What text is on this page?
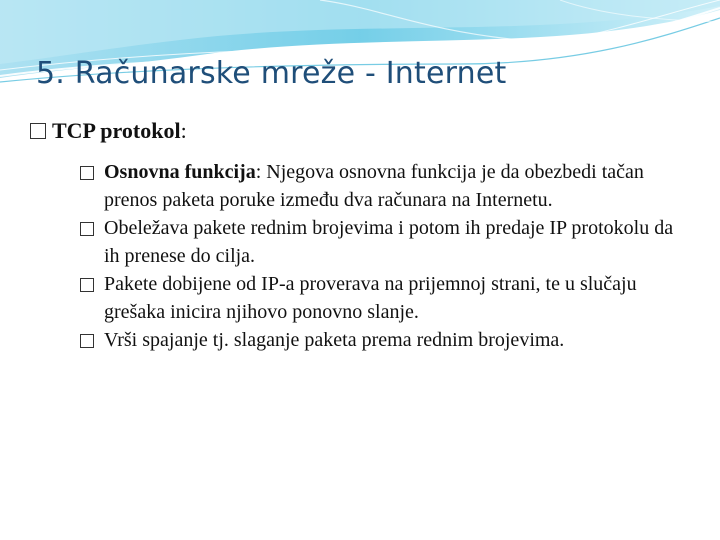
5. Računarske mreže - Internet
TCP protokol :
Osnovna funkcija: Njegova osnovna funkcija je da obezbedi tačan prenos paketa poruke između dva računara na Internetu.
Obeležava pakete rednim brojevima i potom ih predaje IP protokolu da ih prenese do cilja.
Pakete dobijene od IP-a proverava na prijemnoj strani, te u slučaju grešaka inicira njihovo ponovno slanje.
Vrši spajanje tj. slaganje paketa prema rednim brojevima.
